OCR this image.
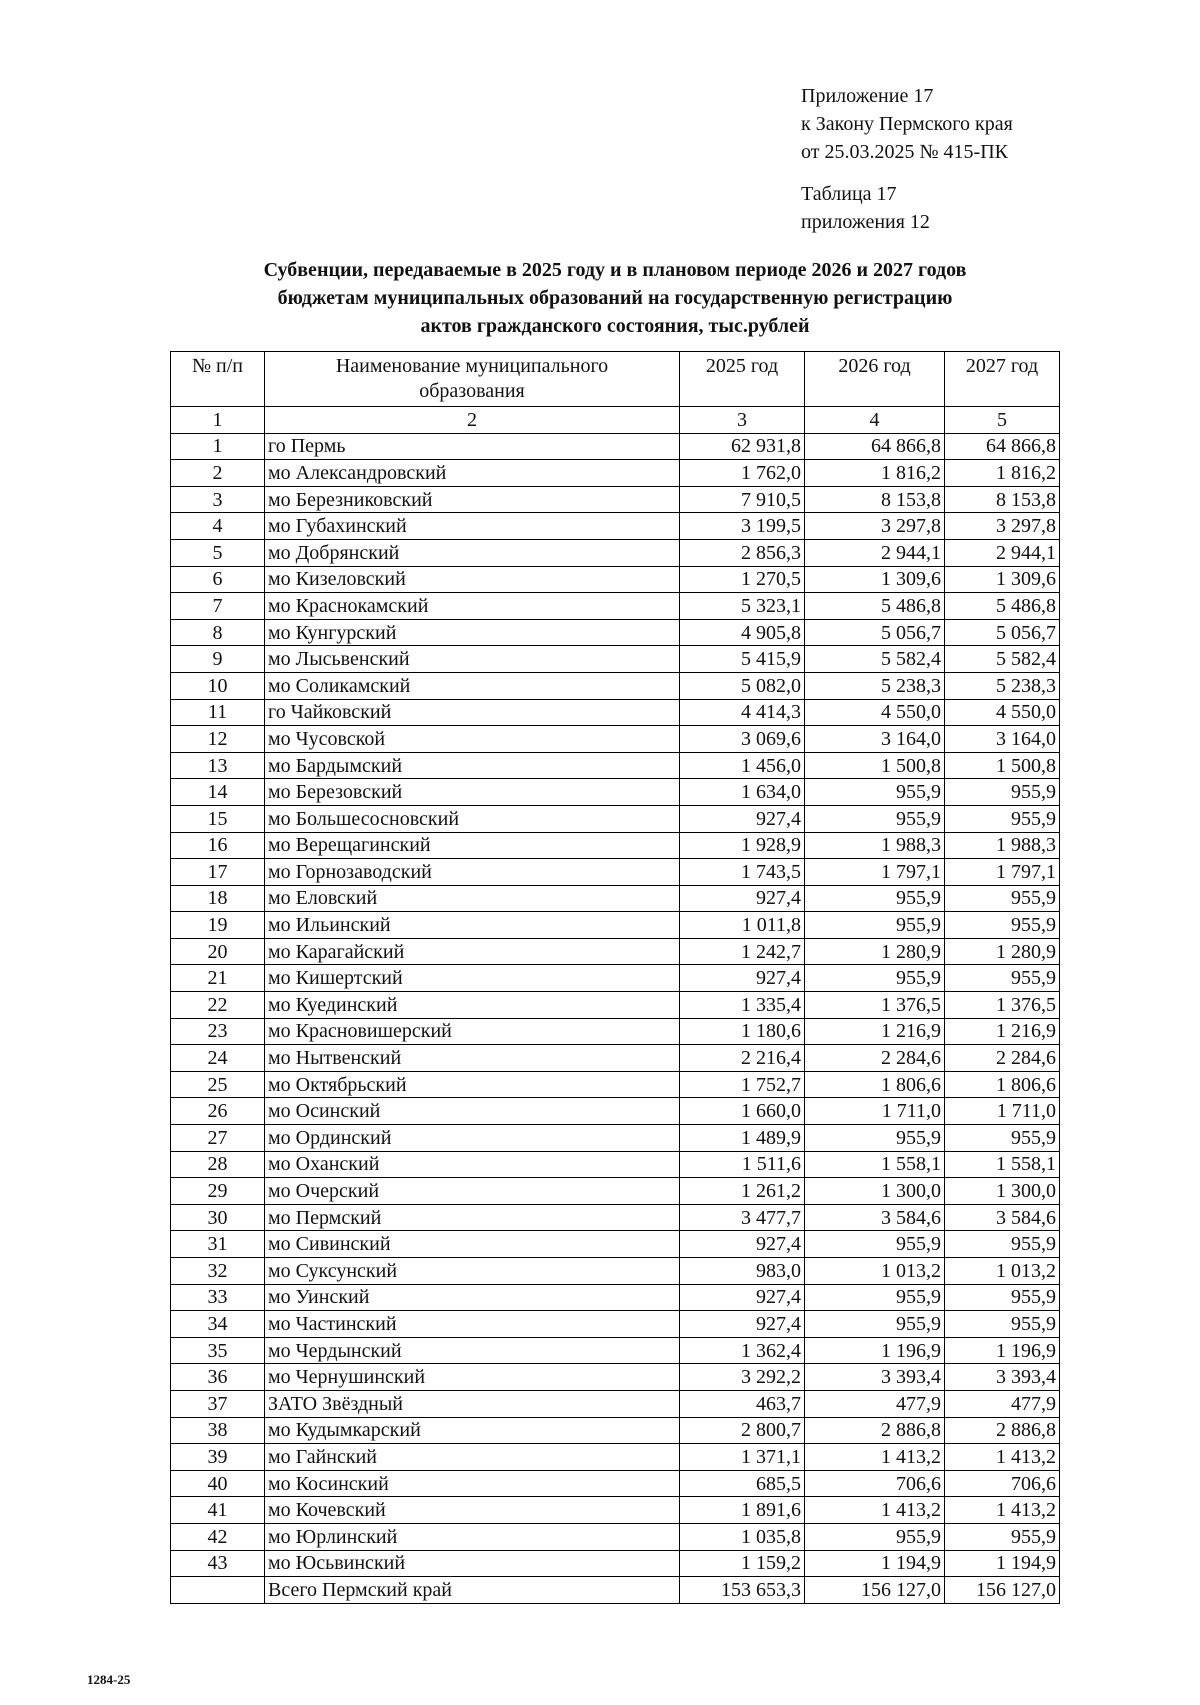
Приложение 17
к Закону Пермского края
от 25.03.2025 № 415-ПК
Таблица 17
приложения 12
Субвенции, передаваемые в 2025 году и в плановом периоде 2026 и 2027 годов
бюджетам муниципальных образований на государственную регистрацию
актов гражданского состояния, тыс.рублей
№ п/п	Наименование муниципального образования	2025 год	2026 год	2027 год
1	2	3	4	5
1	го Пермь	62 931,8	64 866,8	64 866,8
2	мо Александровский	1 762,0	1 816,2	1 816,2
3	мо Березниковский	7 910,5	8 153,8	8 153,8
4	мо Губахинский	3 199,5	3 297,8	3 297,8
5	мо Добрянский	2 856,3	2 944,1	2 944,1
6	мо Кизеловский	1 270,5	1 309,6	1 309,6
7	мо Краснокамский	5 323,1	5 486,8	5 486,8
8	мо Кунгурский	4 905,8	5 056,7	5 056,7
9	мо Лысьвенский	5 415,9	5 582,4	5 582,4
10	мо Соликамский	5 082,0	5 238,3	5 238,3
11	го Чайковский	4 414,3	4 550,0	4 550,0
12	мо Чусовской	3 069,6	3 164,0	3 164,0
13	мо Бардымский	1 456,0	1 500,8	1 500,8
14	мо Березовский	1 634,0	955,9	955,9
15	мо Большесосновский	927,4	955,9	955,9
16	мо Верещагинский	1 928,9	1 988,3	1 988,3
17	мо Горнозаводский	1 743,5	1 797,1	1 797,1
18	мо Еловский	927,4	955,9	955,9
19	мо Ильинский	1 011,8	955,9	955,9
20	мо Карагайский	1 242,7	1 280,9	1 280,9
21	мо Кишертский	927,4	955,9	955,9
22	мо Куединский	1 335,4	1 376,5	1 376,5
23	мо Красновишерский	1 180,6	1 216,9	1 216,9
24	мо Нытвенский	2 216,4	2 284,6	2 284,6
25	мо Октябрьский	1 752,7	1 806,6	1 806,6
26	мо Осинский	1 660,0	1 711,0	1 711,0
27	мо Ординский	1 489,9	955,9	955,9
28	мо Оханский	1 511,6	1 558,1	1 558,1
29	мо Очерский	1 261,2	1 300,0	1 300,0
30	мо Пермский	3 477,7	3 584,6	3 584,6
31	мо Сивинский	927,4	955,9	955,9
32	мо Суксунский	983,0	1 013,2	1 013,2
33	мо Уинский	927,4	955,9	955,9
34	мо Частинский	927,4	955,9	955,9
35	мо Чердынский	1 362,4	1 196,9	1 196,9
36	мо Чернушинский	3 292,2	3 393,4	3 393,4
37	ЗАТО Звёздный	463,7	477,9	477,9
38	мо Кудымкарский	2 800,7	2 886,8	2 886,8
39	мо Гайнский	1 371,1	1 413,2	1 413,2
40	мо Косинский	685,5	706,6	706,6
41	мо Кочевский	1 891,6	1 413,2	1 413,2
42	мо Юрлинский	1 035,8	955,9	955,9
43	мо Юсьвинский	1 159,2	1 194,9	1 194,9
	Всего Пермский край	153 653,3	156 127,0	156 127,0
1284-25
